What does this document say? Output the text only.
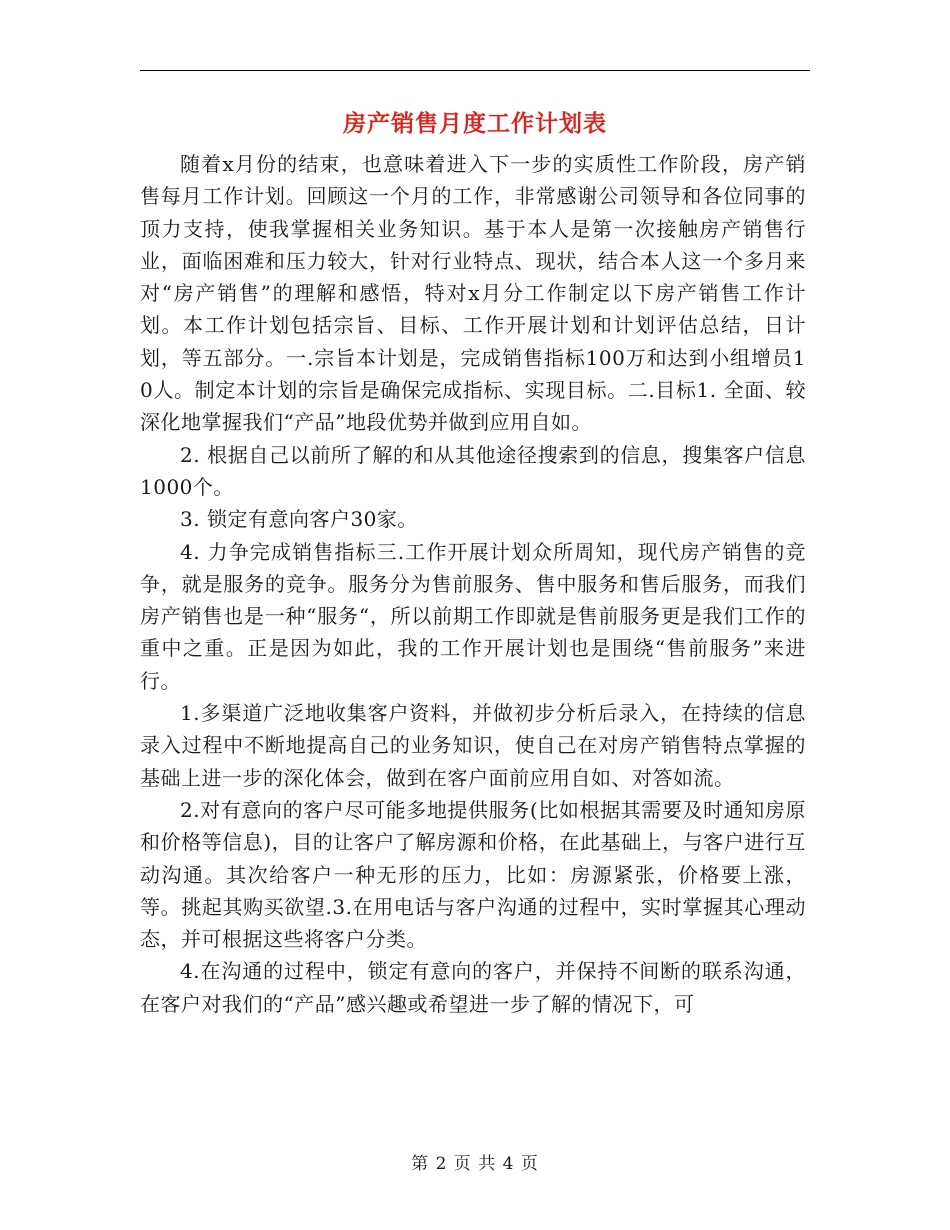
房产销售月度工作计划表

随着x月份的结束，也意味着进入下一步的实质性工作阶段，房产销售每月工作计划。回顾这一个月的工作，非常感谢公司领导和各位同事的顶力支持，使我掌握相关业务知识。基于本人是第一次接触房产销售行业，面临困难和压力较大，针对行业特点、现状，结合本人这一个多月来对“房产销售”的理解和感悟，特对x月分工作制定以下房产销售工作计划。本工作计划包括宗旨、目标、工作开展计划和计划评估总结，日计划，等五部分。一.宗旨本计划是，完成销售指标100万和达到小组增员10人。制定本计划的宗旨是确保完成指标、实现目标。二.目标1. 全面、较深化地掌握我们“产品”地段优势并做到应用自如。

2. 根据自己以前所了解的和从其他途径搜索到的信息，搜集客户信息1000个。

3. 锁定有意向客户30家。

4. 力争完成销售指标三.工作开展计划众所周知，现代房产销售的竞争，就是服务的竞争。服务分为售前服务、售中服务和售后服务，而我们房产销售也是一种“服务“，所以前期工作即就是售前服务更是我们工作的重中之重。正是因为如此，我的工作开展计划也是围绕“售前服务”来进行。

1.多渠道广泛地收集客户资料，并做初步分析后录入，在持续的信息录入过程中不断地提高自己的业务知识，使自己在对房产销售特点掌握的基础上进一步的深化体会，做到在客户面前应用自如、对答如流。

2.对有意向的客户尽可能多地提供服务(比如根据其需要及时通知房原和价格等信息)，目的让客户了解房源和价格，在此基础上，与客户进行互动沟通。其次给客户一种无形的压力，比如：房源紧张，价格要上涨，等。挑起其购买欲望.3.在用电话与客户沟通的过程中，实时掌握其心理动态，并可根据这些将客户分类。

4.在沟通的过程中，锁定有意向的客户，并保持不间断的联系沟通，在客户对我们的“产品”感兴趣或希望进一步了解的情况下，可

第 2 页 共 4 页
